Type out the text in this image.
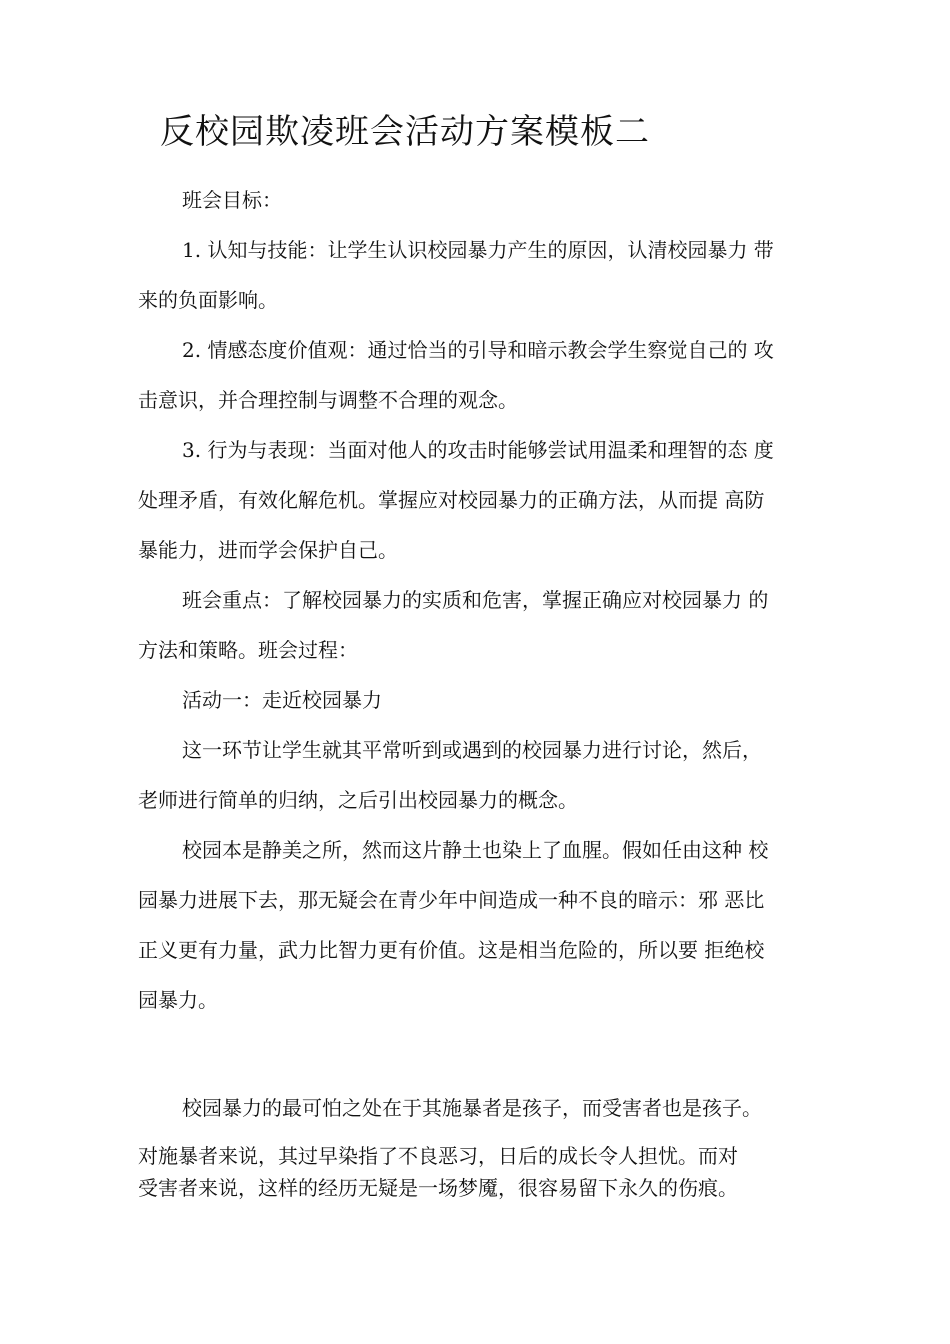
反校园欺凌班会活动方案模板二
班会目标：
1. 认知与技能：让学生认识校园暴力产生的原因，认清校园暴力 带
来的负面影响。
2. 情感态度价值观：通过恰当的引导和暗示教会学生察觉自己的 攻
击意识，并合理控制与调整不合理的观念。
3. 行为与表现：当面对他人的攻击时能够尝试用温柔和理智的态 度
处理矛盾，有效化解危机。掌握应对校园暴力的正确方法，从而提 高防
暴能力，进而学会保护自己。
班会重点：了解校园暴力的实质和危害，掌握正确应对校园暴力 的
方法和策略。班会过程：
活动一：走近校园暴力
这一环节让学生就其平常听到或遇到的校园暴力进行讨论，然后，
老师进行简单的归纳，之后引出校园暴力的概念。
校园本是静美之所，然而这片静土也染上了血腥。假如任由这种 校
园暴力进展下去，那无疑会在青少年中间造成一种不良的暗示：邪 恶比
正义更有力量，武力比智力更有价值。这是相当危险的，所以要 拒绝校
园暴力。
校园暴力的最可怕之处在于其施暴者是孩子，而受害者也是孩子。
对施暴者来说，其过早染指了不良恶习，日后的成长令人担忧。而对
受害者来说，这样的经历无疑是一场梦魇，很容易留下永久的伤痕。
